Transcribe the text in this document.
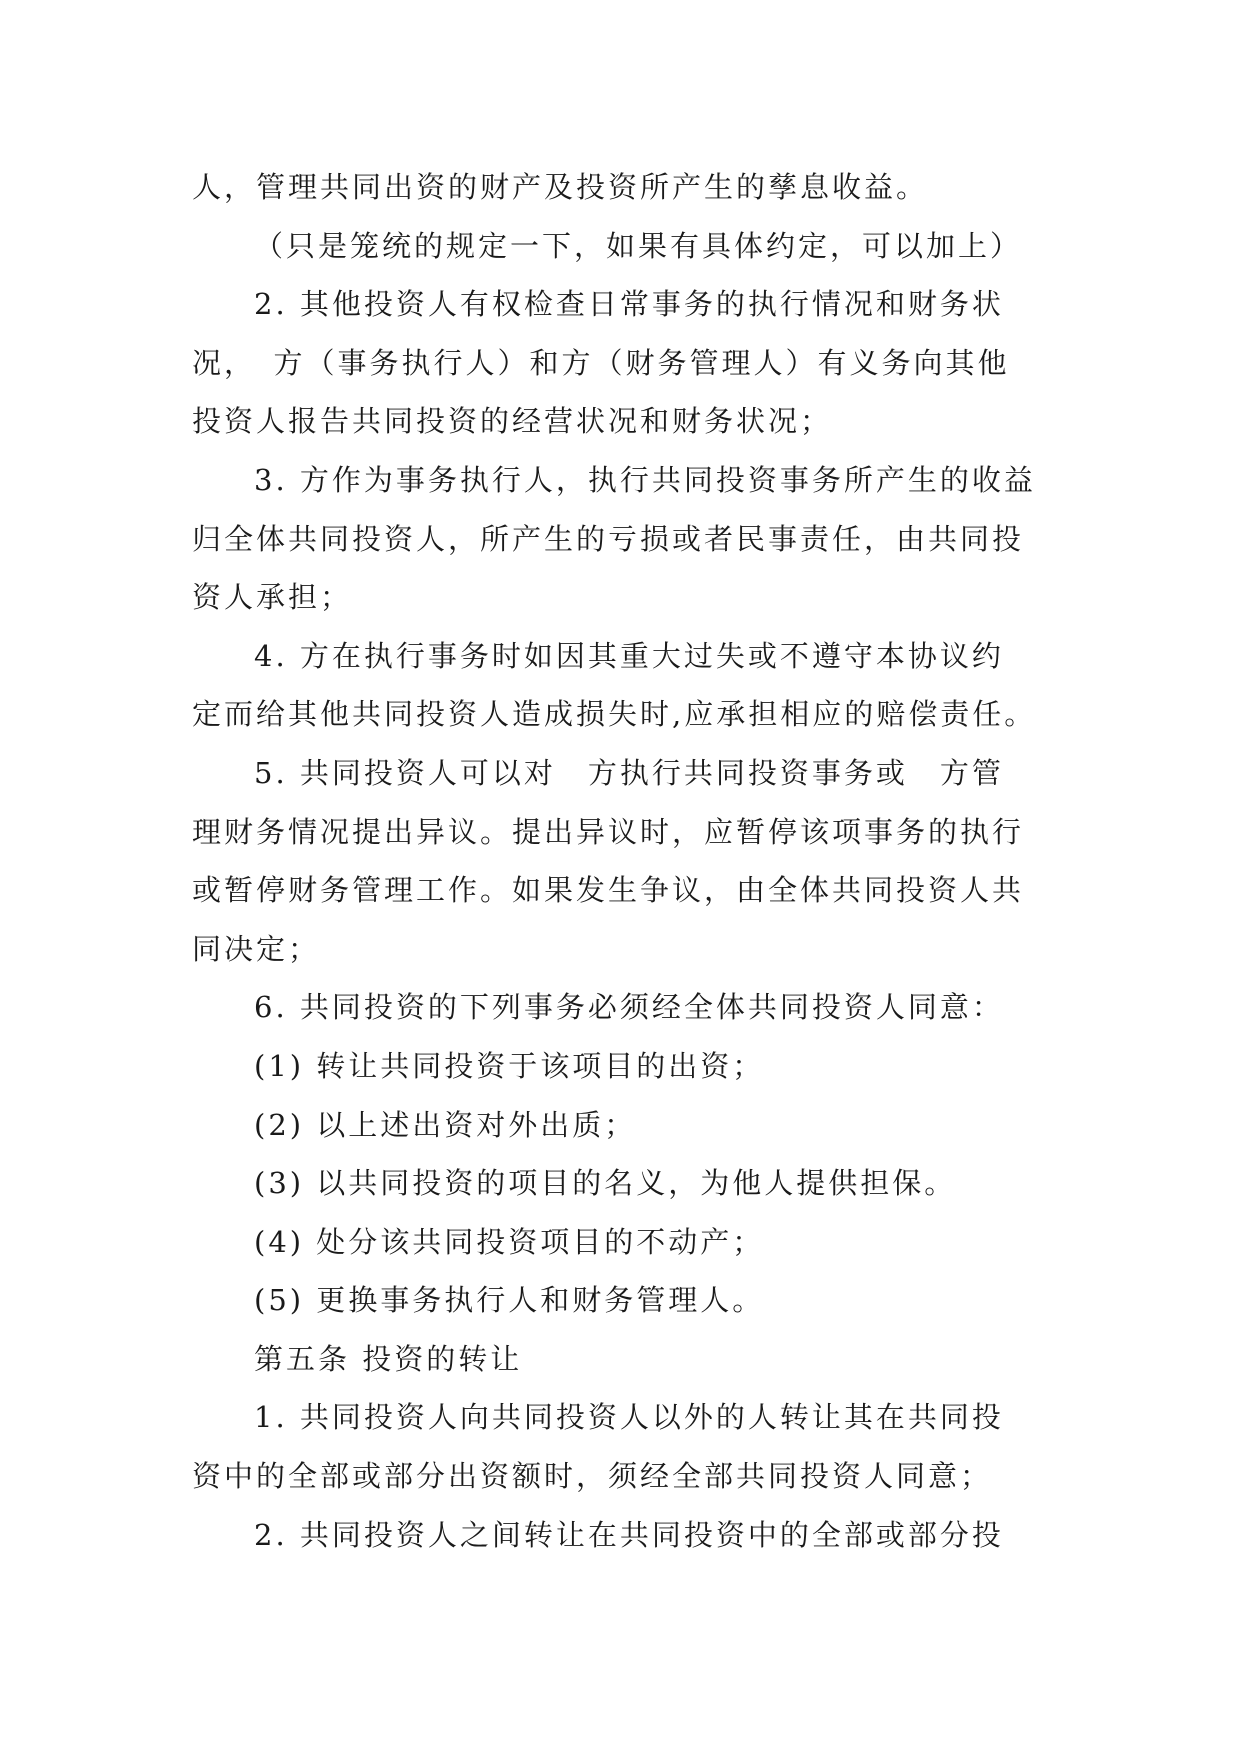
人，管理共同出资的财产及投资所产生的孳息收益。
（只是笼统的规定一下，如果有具体约定，可以加上）
2. 其他投资人有权检查日常事务的执行情况和财务状
况，　方（事务执行人）和方（财务管理人）有义务向其他
投资人报告共同投资的经营状况和财务状况；
3. 方作为事务执行人，执行共同投资事务所产生的收益
归全体共同投资人，所产生的亏损或者民事责任，由共同投
资人承担；
4. 方在执行事务时如因其重大过失或不遵守本协议约
定而给其他共同投资人造成损失时,应承担相应的赔偿责任。
5. 共同投资人可以对　方执行共同投资事务或　方管
理财务情况提出异议。提出异议时，应暂停该项事务的执行
或暂停财务管理工作。如果发生争议，由全体共同投资人共
同决定；
6. 共同投资的下列事务必须经全体共同投资人同意：
(1) 转让共同投资于该项目的出资；
(2) 以上述出资对外出质；
(3) 以共同投资的项目的名义，为他人提供担保。
(4) 处分该共同投资项目的不动产；
(5) 更换事务执行人和财务管理人。
第五条 投资的转让
1. 共同投资人向共同投资人以外的人转让其在共同投
资中的全部或部分出资额时，须经全部共同投资人同意；
2. 共同投资人之间转让在共同投资中的全部或部分投
